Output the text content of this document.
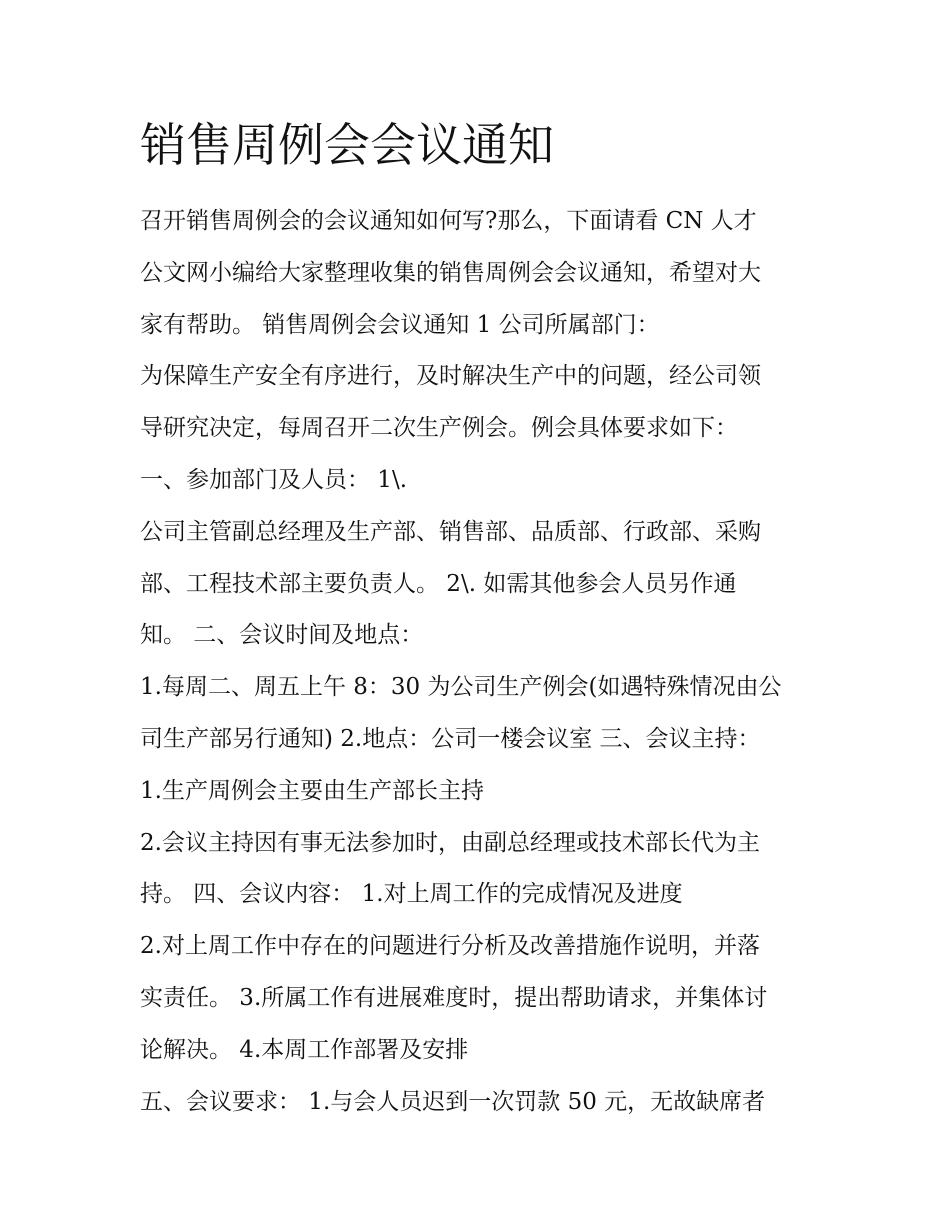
销售周例会会议通知
召开销售周例会的会议通知如何写?那么，下面请看 CN 人才
公文网小编给大家整理收集的销售周例会会议通知，希望对大
家有帮助。 销售周例会会议通知 1 公司所属部门：
为保障生产安全有序进行，及时解决生产中的问题，经公司领
导研究决定，每周召开二次生产例会。例会具体要求如下：
一、参加部门及人员： 1\.
公司主管副总经理及生产部、销售部、品质部、行政部、采购
部、工程技术部主要负责人。 2\. 如需其他参会人员另作通
知。 二、会议时间及地点：
1.每周二、周五上午 8：30 为公司生产例会(如遇特殊情况由公
司生产部另行通知) 2.地点：公司一楼会议室 三、会议主持：
1.生产周例会主要由生产部长主持
2.会议主持因有事无法参加时，由副总经理或技术部长代为主
持。 四、会议内容： 1.对上周工作的完成情况及进度
2.对上周工作中存在的问题进行分析及改善措施作说明，并落
实责任。 3.所属工作有进展难度时，提出帮助请求，并集体讨
论解决。 4.本周工作部署及安排
五、会议要求： 1.与会人员迟到一次罚款 50 元，无故缺席者
